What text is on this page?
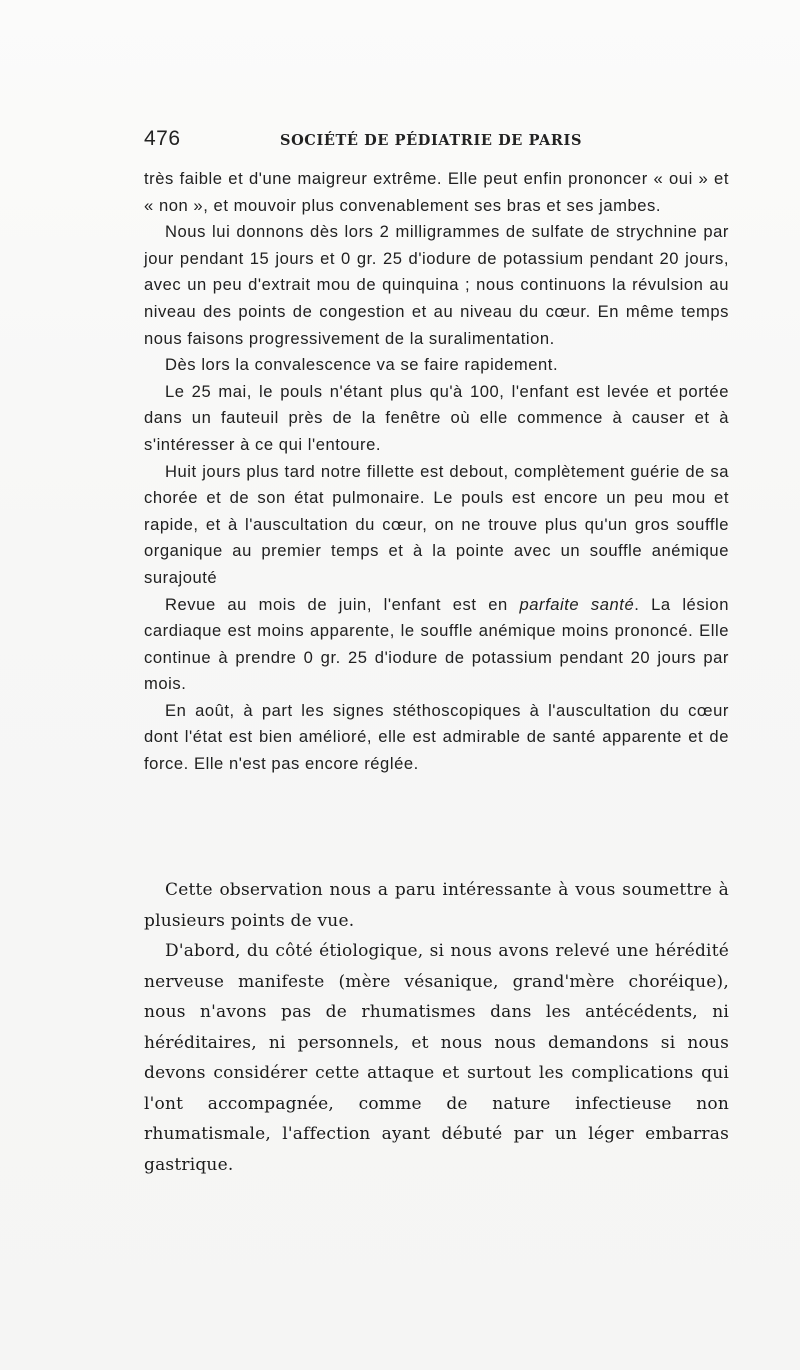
476	SOCIÉTÉ DE PÉDIATRIE DE PARIS

très faible et d'une maigreur extrême. Elle peut enfin prononcer « oui » et « non », et mouvoir plus convenablement ses bras et ses jambes.

Nous lui donnons dès lors 2 milligrammes de sulfate de strychnine par jour pendant 15 jours et 0 gr. 25 d'iodure de potassium pendant 20 jours, avec un peu d'extrait mou de quinquina ; nous continuons la révulsion au niveau des points de congestion et au niveau du cœur. En même temps nous faisons progressivement de la suralimentation.

Dès lors la convalescence va se faire rapidement.

Le 25 mai, le pouls n'étant plus qu'à 100, l'enfant est levée et portée dans un fauteuil près de la fenêtre où elle commence à causer et à s'intéresser à ce qui l'entoure.

Huit jours plus tard notre fillette est debout, complètement guérie de sa chorée et de son état pulmonaire. Le pouls est encore un peu mou et rapide, et à l'auscultation du cœur, on ne trouve plus qu'un gros souffle organique au premier temps et à la pointe avec un souffle anémique surajouté

Revue au mois de juin, l'enfant est en parfaite santé. La lésion cardiaque est moins apparente, le souffle anémique moins prononcé. Elle continue à prendre 0 gr. 25 d'iodure de potassium pendant 20 jours par mois.

En août, à part les signes stéthoscopiques à l'auscultation du cœur dont l'état est bien amélioré, elle est admirable de santé apparente et de force. Elle n'est pas encore réglée.

Cette observation nous a paru intéressante à vous soumettre à plusieurs points de vue.

D'abord, du côté étiologique, si nous avons relevé une hérédité nerveuse manifeste (mère vésanique, grand'mère choréique), nous n'avons pas de rhumatismes dans les antécédents, ni héréditaires, ni personnels, et nous nous demandons si nous devons considérer cette attaque et surtout les complications qui l'ont accompagnée, comme de nature infectieuse non rhumatismale, l'affection ayant débuté par un léger embarras gastrique.
